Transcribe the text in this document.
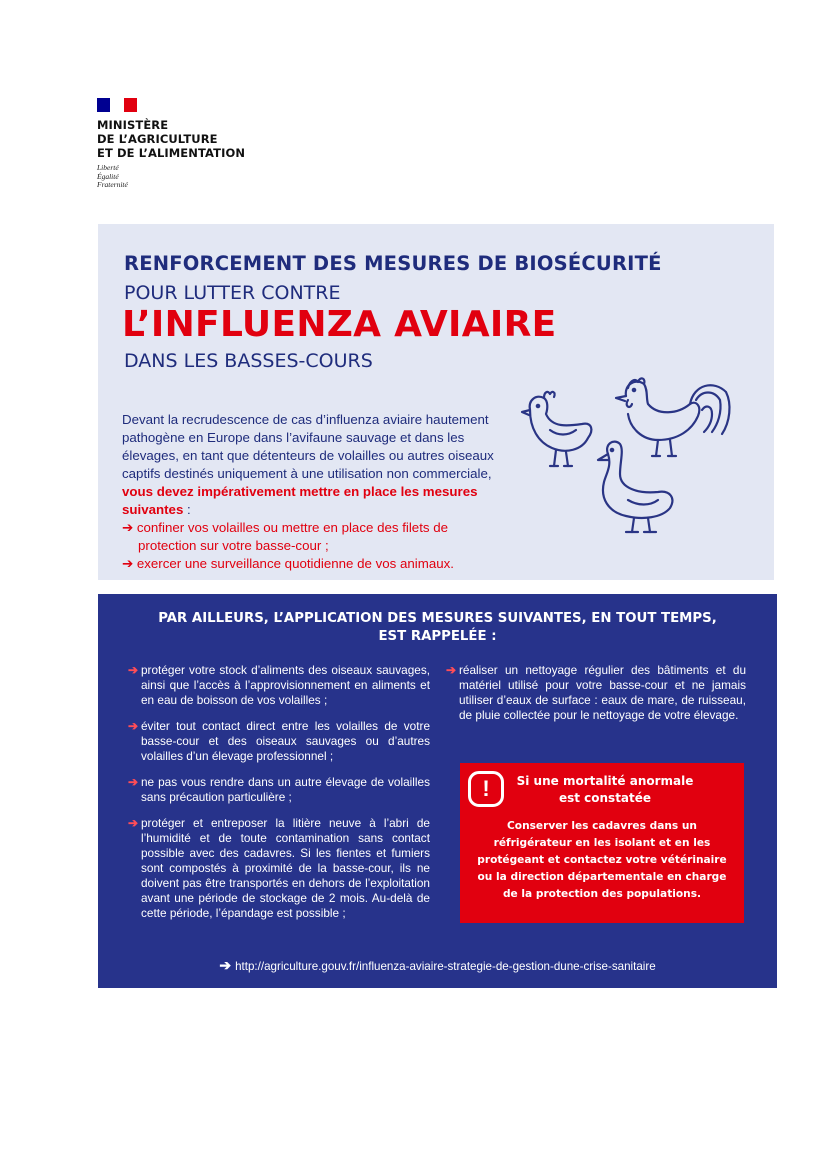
MINISTÈRE
DE L’AGRICULTURE
ET DE L’ALIMENTATION
Liberté
Égalité
Fraternité
RENFORCEMENT DES MESURES DE BIOSÉCURITÉ
POUR LUTTER CONTRE
L’INFLUENZA AVIAIRE
DANS LES BASSES-COURS
Devant la recrudescence de cas d’influenza aviaire hautement pathogène en Europe dans l’avifaune sauvage et dans les élevages, en tant que détenteurs de volailles ou autres oiseaux captifs destinés uniquement à une utilisation non commerciale, vous devez impérativement mettre en place les mesures suivantes :
➔ confiner vos volailles ou mettre en place des filets de protection sur votre basse-cour ;
➔ exercer une surveillance quotidienne de vos animaux.
PAR AILLEURS, L’APPLICATION DES MESURES SUIVANTES, EN TOUT TEMPS,
EST RAPPELÉE :
➔ protéger votre stock d’aliments des oiseaux sauvages, ainsi que l’accès à l’approvisionnement en aliments et en eau de boisson de vos volailles ;
➔ éviter tout contact direct entre les volailles de votre basse-cour et des oiseaux sauvages ou d’autres volailles d’un élevage professionnel ;
➔ ne pas vous rendre dans un autre élevage de volailles sans précaution particulière ;
➔ protéger et entreposer la litière neuve à l’abri de l’humidité et de toute contamination sans contact possible avec des cadavres. Si les fientes et fumiers sont compostés à proximité de la basse-cour, ils ne doivent pas être transportés en dehors de l’exploitation avant une période de stockage de 2 mois. Au-delà de cette période, l’épandage est possible ;
➔ réaliser un nettoyage régulier des bâtiments et du matériel utilisé pour votre basse-cour et ne jamais utiliser d’eaux de surface : eaux de mare, de ruisseau, de pluie collectée pour le nettoyage de votre élevage.
!	Si une mortalité anormale
est constatée
Conserver les cadavres dans un réfrigérateur en les isolant et en les protégeant et contactez votre vétérinaire ou la direction départementale en charge de la protection des populations.
➔ http://agriculture.gouv.fr/influenza-aviaire-strategie-de-gestion-dune-crise-sanitaire
